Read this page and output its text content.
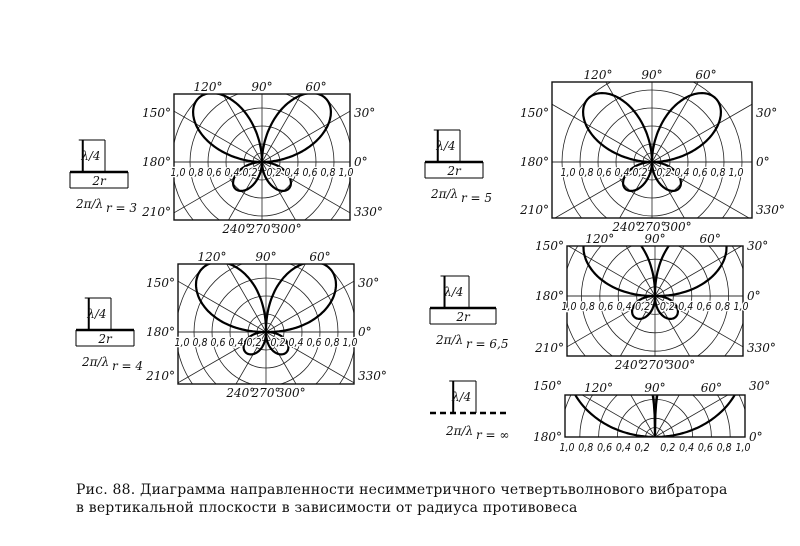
120° 90°	60°
150°	30°
180°	0°
210°	330°
240°
270°
300°
1,0 0,8 0,6 0,4 0,2 0,2 0,4 0,6 0,8 1,0
120° 90°	60°
150°	30°
180°	0°
210°	330°
240°
270°
300°
1,0 0,8 0,6 0,4 0,2 0,2 0,4 0,6 0,8 1,0
120° 90°	60°
150°	30°
180°	0°
210°	330°
240°
270°
300°
1,0 0,8 0,6 0,4 0,2 0,2 0,4 0,6 0,8 1,0
120°	90°	60°
150°	30°
180°	0°
210°	330°
240°
270°
300°
1,0 0,8 0,6 0,4 0,2 0,2 0,4 0,6 0,8 1,0
120°	90°	60°
150°	30°
180°	0°
1,0 0,8 0,6 0,4 0,2 0,2 0,4 0,6 0,8 1,0
λ/4
2r
2π/λ r = 3
λ/4
2r
2π/λ r = 5
λ/4
2r
2π/λ r = 4
λ/4
2r
2π/λ r = 6,5
λ/4
2π/λ r = ∞
Рис. 88. Диаграмма направленности несимметричного четвертьволнового вибратора
в вертикальной плоскости в зависимости от радиуса противовеса
